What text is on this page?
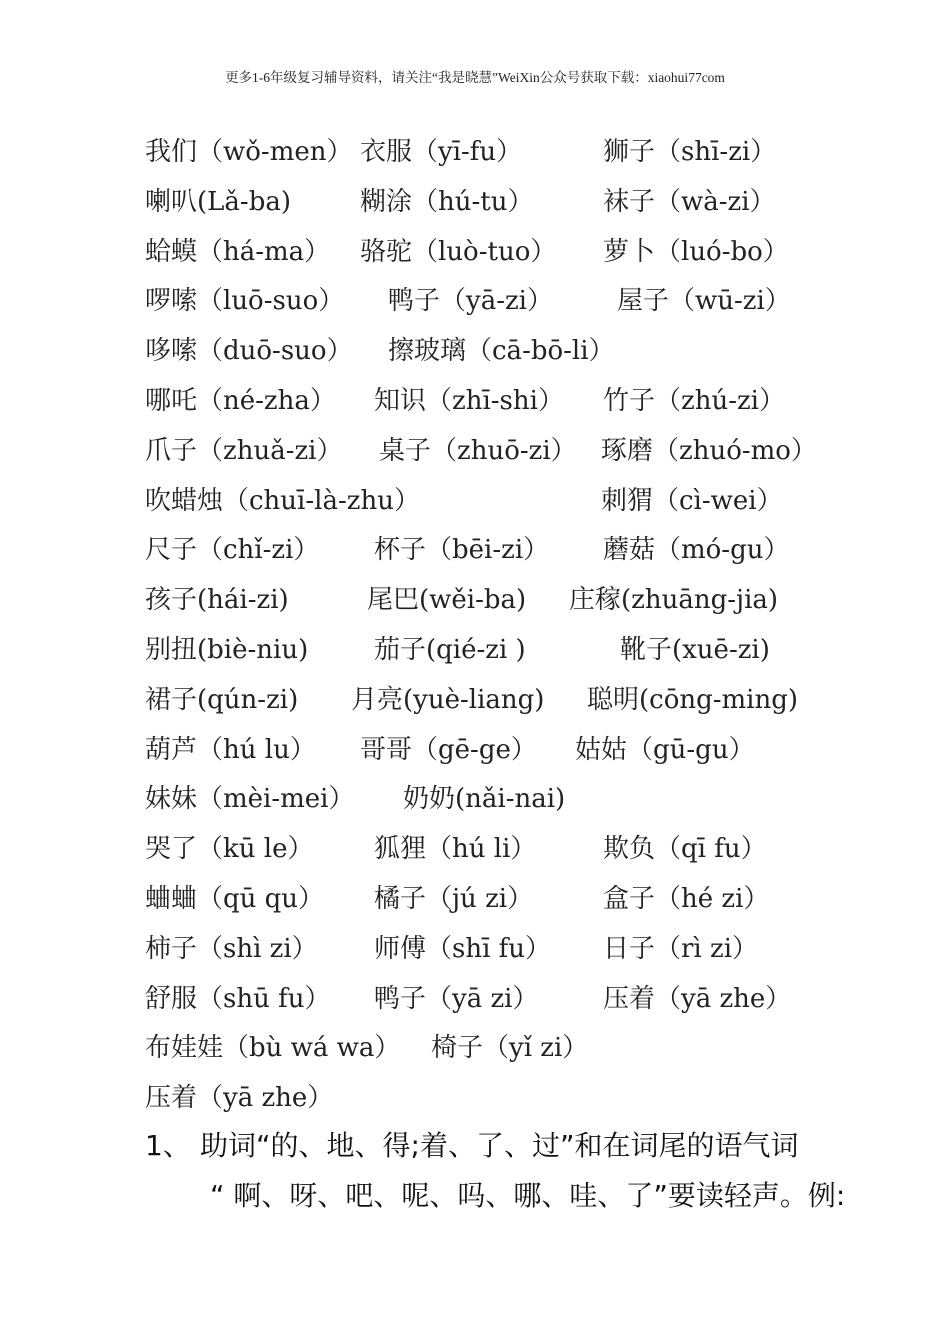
更多1-6年级复习辅导资料，请关注“我是晓慧”WeiXin公众号获取下载：xiaohui77com
我们（wǒ-men） 衣服（yī-fu）	狮子（shī-zi）
喇叭(Lǎ-ba)	糊涂（hú-tu）	袜子（wà-zi）
蛤蟆（há-ma） 骆驼（luò-tuo） 萝卜（luó-bo）
啰嗦（luō-suo） 鸭子（yā-zi） 屋子（wū-zi）
哆嗦（duō-suo） 擦玻璃（cā-bō-li）
哪吒（né-zha） 知识（zhī-shi） 竹子（zhú-zi）
爪子（zhuǎ-zi） 桌子（zhuō-zi） 琢磨（zhuó-mo）
吹蜡烛（chuī-là-zhu）	刺猬（cì-wei）
尺子（chǐ-zi） 杯子（bēi-zi） 蘑菇（mó-gu）
孩子(hái-zi)	尾巴(wěi-ba) 庄稼(zhuāng-jia)
别扭(biè-niu)	茄子(qié-zi )	靴子(xuē-zi)
裙子(qún-zi) 月亮(yuè-liang) 聪明(cōng-ming)
葫芦（hú lu） 哥哥（gē-ge） 姑姑（gū-gu）
妹妹（mèi-mei） 奶奶(nǎi-nai)
哭了（kū le） 狐狸（hú li）	欺负（qī fu）
蛐蛐（qū qu） 橘子（jú zi）	盒子（hé zi）
柿子（shì zi） 师傅（shī fu） 日子（rì zi）
舒服（shū fu） 鸭子（yā zi） 压着（yā zhe）
布娃娃（bù wá wa） 椅子（yǐ zi）
压着（yā zhe）
1、 助词“的、地、得;着、了、过”和在词尾的语气词
“ 啊、呀、吧、呢、吗、哪、哇、了”要读轻声。例:
